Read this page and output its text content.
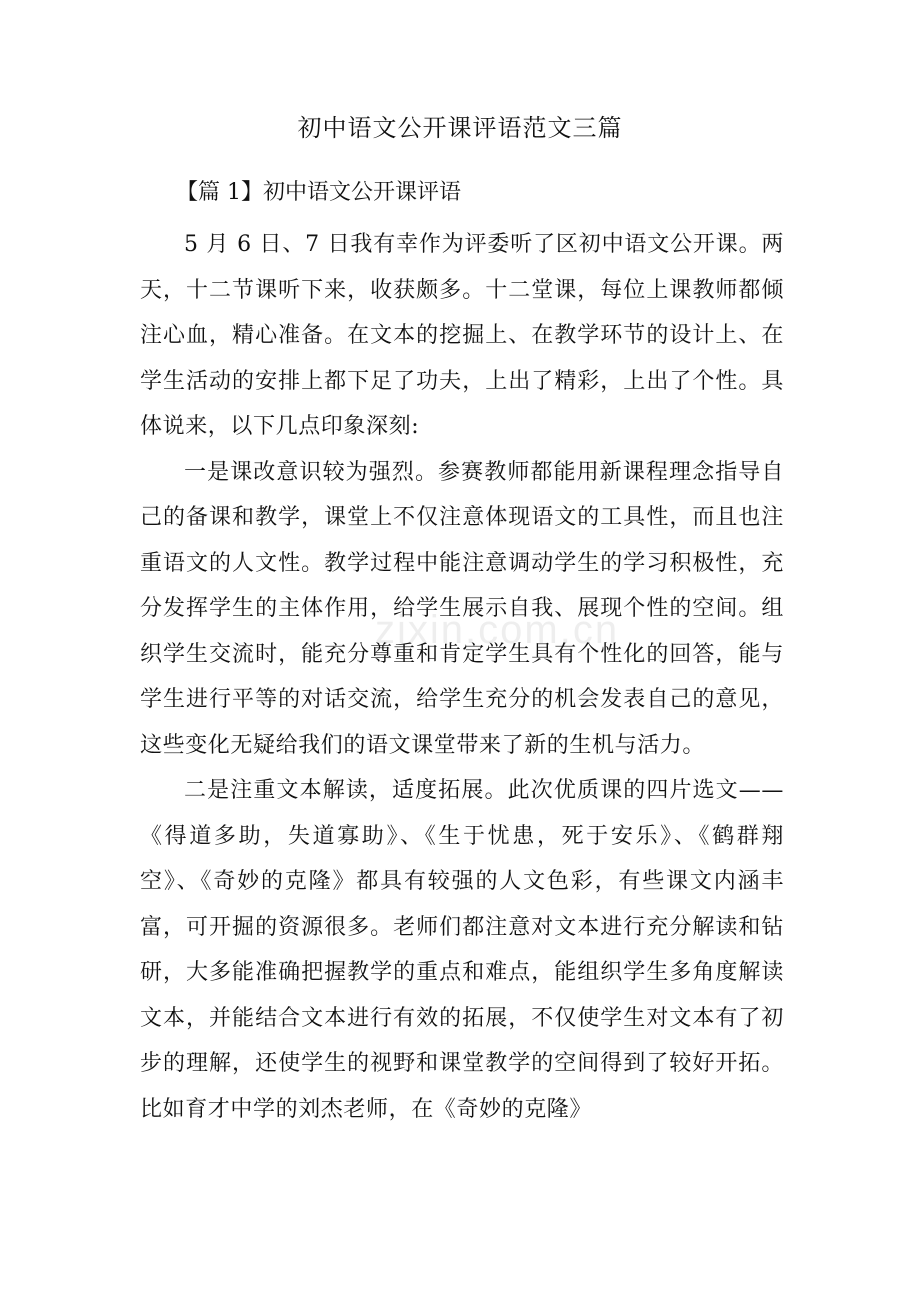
初中语文公开课评语范文三篇
【篇 1】初中语文公开课评语

5 月 6 日、7 日我有幸作为评委听了区初中语文公开课。两天，十二节课听下来，收获颇多。十二堂课，每位上课教师都倾注心血，精心准备。在文本的挖掘上、在教学环节的设计上、在学生活动的安排上都下足了功夫，上出了精彩，上出了个性。具体说来，以下几点印象深刻:

一是课改意识较为强烈。参赛教师都能用新课程理念指导自己的备课和教学，课堂上不仅注意体现语文的工具性，而且也注重语文的人文性。教学过程中能注意调动学生的学习积极性，充分发挥学生的主体作用，给学生展示自我、展现个性的空间。组织学生交流时，能充分尊重和肯定学生具有个性化的回答，能与学生进行平等的对话交流，给学生充分的机会发表自己的意见，这些变化无疑给我们的语文课堂带来了新的生机与活力。

二是注重文本解读，适度拓展。此次优质课的四片选文——《得道多助，失道寡助》、《生于忧患，死于安乐》、《鹤群翔空》、《奇妙的克隆》都具有较强的人文色彩，有些课文内涵丰富，可开掘的资源很多。老师们都注意对文本进行充分解读和钻研，大多能准确把握教学的重点和难点，能组织学生多角度解读文本，并能结合文本进行有效的拓展，不仅使学生对文本有了初步的理解，还使学生的视野和课堂教学的空间得到了较好开拓。比如育才中学的刘杰老师，在《奇妙的克隆》

zixin.com.cn
